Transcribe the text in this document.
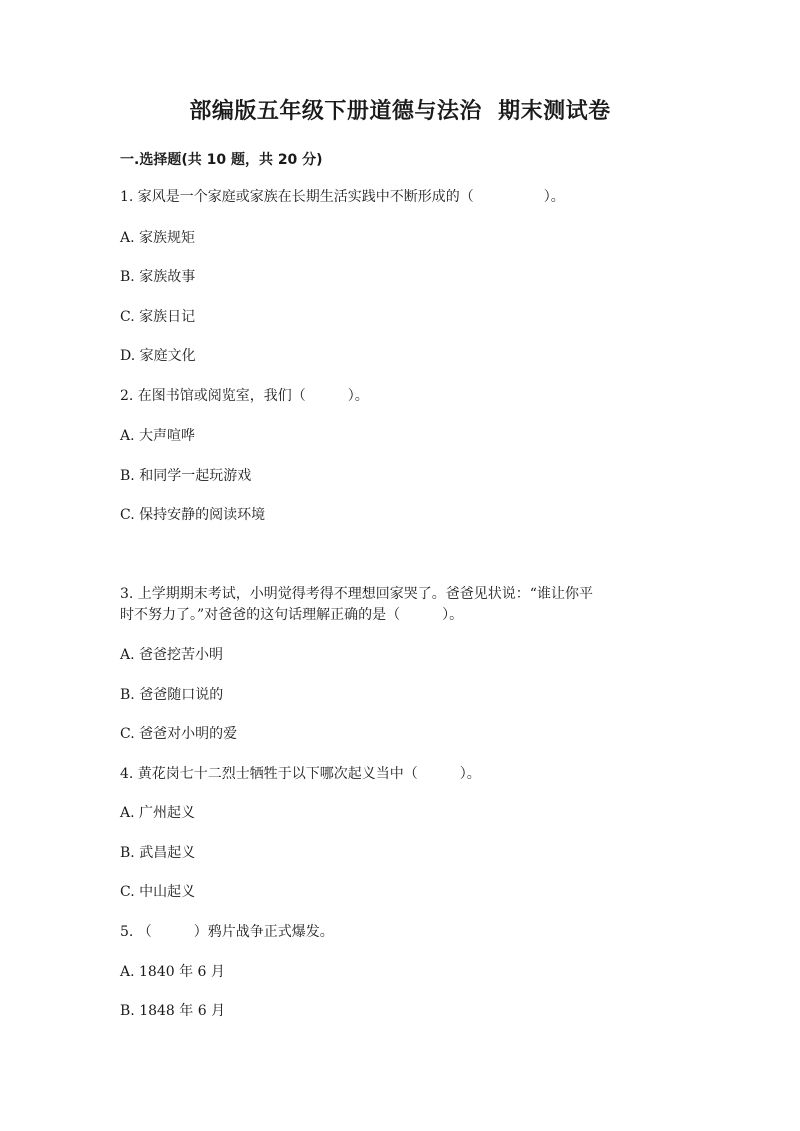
部编版五年级下册道德与法治  期末测试卷
一.选择题(共 10 题，共 20 分)
1. 家风是一个家庭或家族在长期生活实践中不断形成的（　　　　　）。
A. 家族规矩
B. 家族故事
C. 家族日记
D. 家庭文化
2. 在图书馆或阅览室，我们（　　　）。
A. 大声喧哗
B. 和同学一起玩游戏
C. 保持安静的阅读环境
3. 上学期期末考试，小明觉得考得不理想回家哭了。爸爸见状说：“谁让你平
时不努力了。”对爸爸的这句话理解正确的是（　　　）。
A. 爸爸挖苦小明
B. 爸爸随口说的
C. 爸爸对小明的爱
4. 黄花岗七十二烈士牺牲于以下哪次起义当中（　　　）。
A. 广州起义
B. 武昌起义
C. 中山起义
5. （　　　）鸦片战争正式爆发。
A. 1840 年 6 月
B. 1848 年 6 月
